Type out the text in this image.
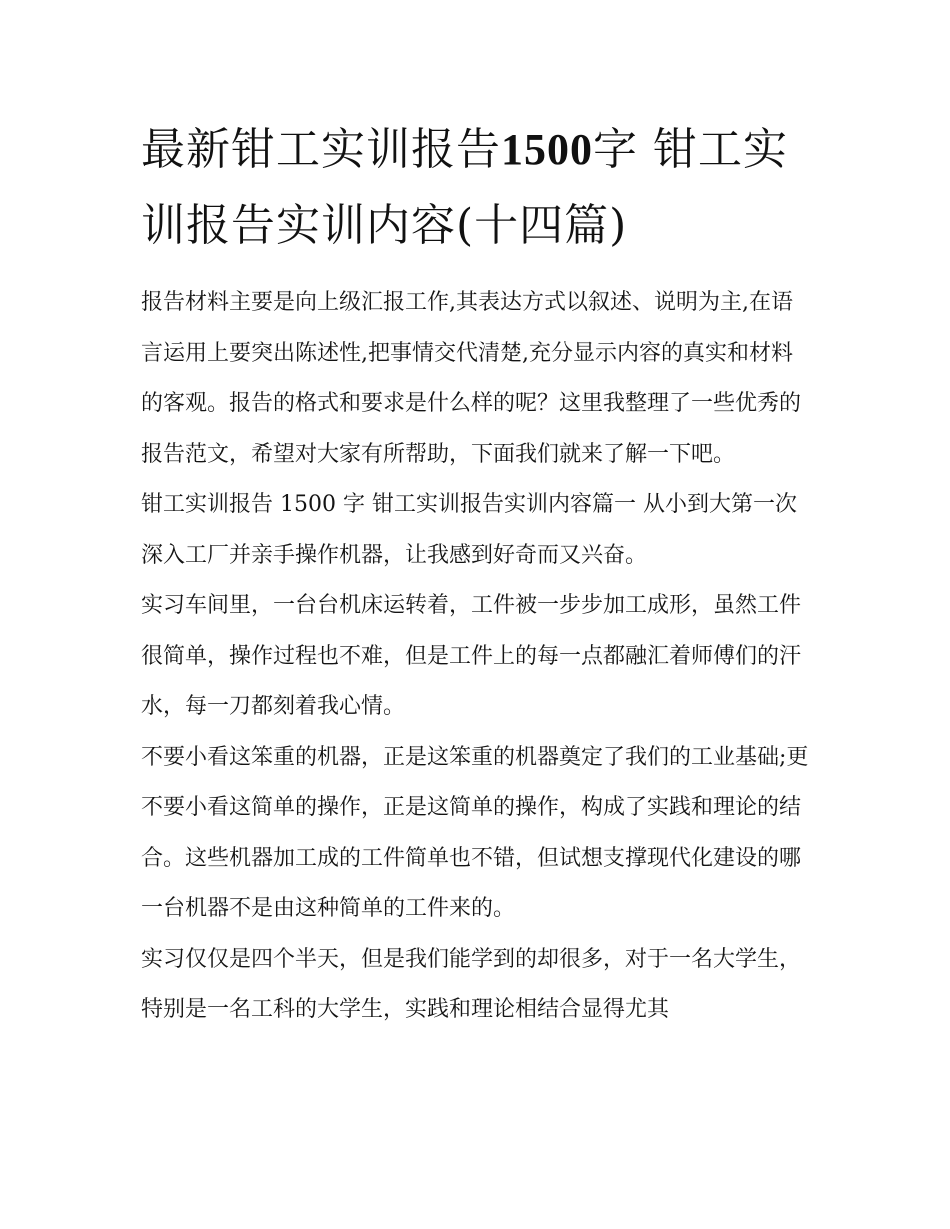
最新钳工实训报告1500字 钳工实训报告实训内容(十四篇)

报告材料主要是向上级汇报工作,其表达方式以叙述、说明为主,在语言运用上要突出陈述性,把事情交代清楚,充分显示内容的真实和材料的客观。报告的格式和要求是什么样的呢？这里我整理了一些优秀的报告范文，希望对大家有所帮助，下面我们就来了解一下吧。

钳工实训报告 1500 字 钳工实训报告实训内容篇一 从小到大第一次深入工厂并亲手操作机器，让我感到好奇而又兴奋。

实习车间里，一台台机床运转着，工件被一步步加工成形，虽然工件很简单，操作过程也不难，但是工件上的每一点都融汇着师傅们的汗水，每一刀都刻着我心情。

不要小看这笨重的机器，正是这笨重的机器奠定了我们的工业基础;更不要小看这简单的操作，正是这简单的操作，构成了实践和理论的结合。这些机器加工成的工件简单也不错，但试想支撑现代化建设的哪一台机器不是由这种简单的工件来的。

实习仅仅是四个半天，但是我们能学到的却很多，对于一名大学生，特别是一名工科的大学生，实践和理论相结合显得尤其
